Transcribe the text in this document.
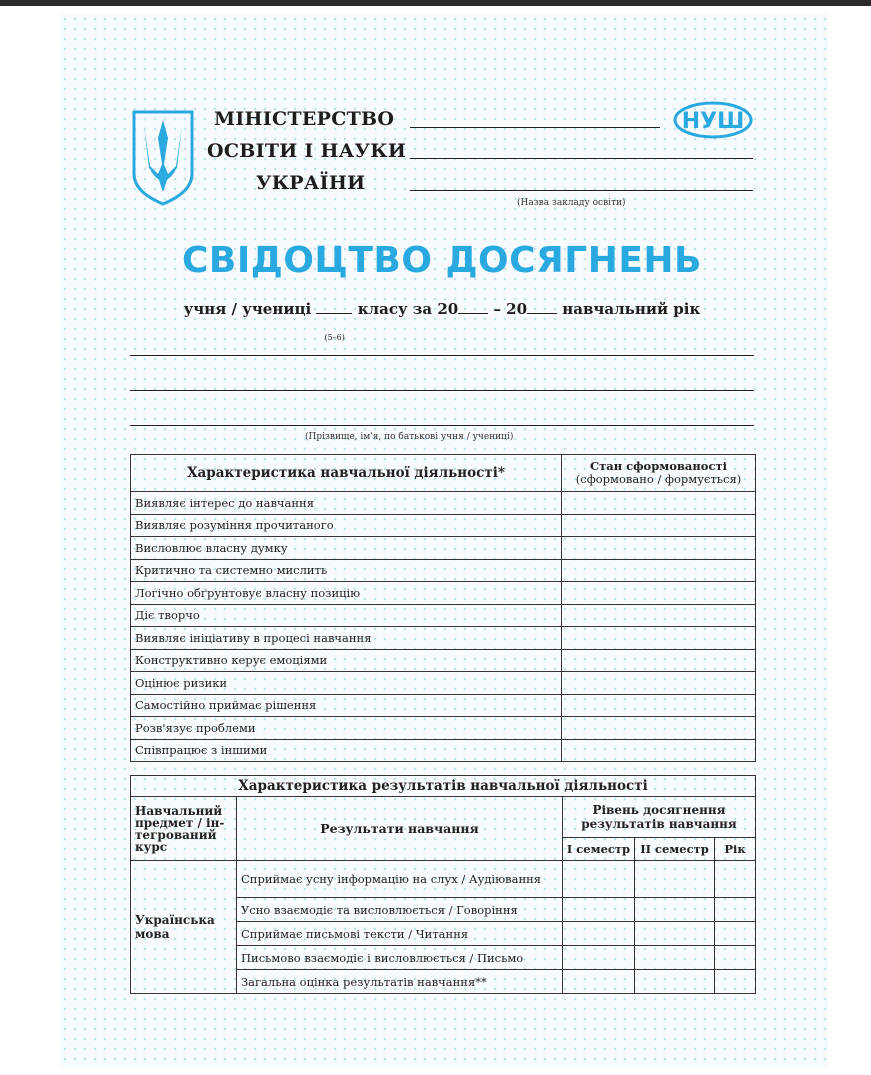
МІНІСТЕРСТВО
ОСВІТИ І НАУКИ
УКРАЇНИ
(Назва закладу освіти)
НУШ
СВІДОЦТВО ДОСЯГНЕНЬ
учня / учениці
(5–6)
класу за 20 – 20 навчальний рік
(Прізвище, ім'я, по батькові учня / учениці)
Характеристика навчальної діяльності*	Стан сформованості
(сформовано / формується)

Виявляє інтерес до навчання	
Виявляє розуміння прочитаного	
Висловлює власну думку	
Критично та системно мислить	
Логічно обґрунтовує власну позицію	
Діє творчо	
Виявляє ініціативу в процесі навчання	
Конструктивно керує емоціями	
Оцінює ризики	
Самостійно приймає рішення	
Розв'язує проблеми	
Співпрацює з іншими	
Характеристика результатів навчальної діяльності				
Навчальний предмет / ін-тегрований курс	Результати навчання	Рівень досягнення результатів навчання		
		І семестр	ІІ семестр	Рік
Українська мова	Сприймає усну інформацію на слух / Аудіювання			
	Усно взаємодіє та висловлюється / Говоріння			
	Сприймає письмові тексти / Читання			
	Письмово взаємодіє і висловлюється / Письмо			
	Загальна оцінка результатів навчання**			
